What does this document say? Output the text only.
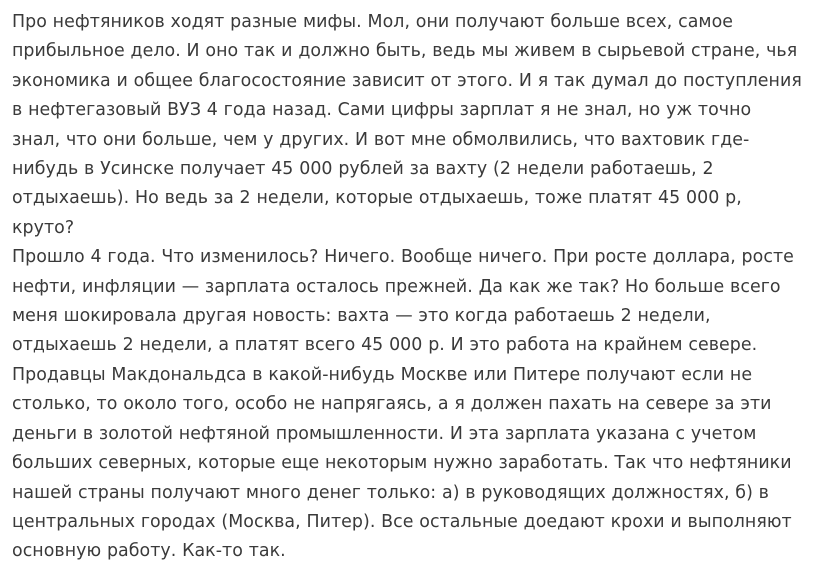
Про нефтяников ходят разные мифы. Мол, они получают больше всех, самое прибыльное дело. И оно так и должно быть, ведь мы живем в сырьевой стране, чья экономика и общее благосостояние зависит от этого. И я так думал до поступления в нефтегазовый ВУЗ 4 года назад. Сами цифры зарплат я не знал, но уж точно знал, что они больше, чем у других. И вот мне обмолвились, что вахтовик где-нибудь в Усинске получает 45 000 рублей за вахту (2 недели работаешь, 2 отдыхаешь). Но ведь за 2 недели, которые отдыхаешь, тоже платят 45 000 р, круто?

Прошло 4 года. Что изменилось? Ничего. Вообще ничего. При росте доллара, росте нефти, инфляции — зарплата осталось прежней. Да как же так? Но больше всего меня шокировала другая новость: вахта — это когда работаешь 2 недели, отдыхаешь 2 недели, а платят всего 45 000 р. И это работа на крайнем севере. Продавцы Макдональдса в какой-нибудь Москве или Питере получают если не столько, то около того, особо не напрягаясь, а я должен пахать на севере за эти деньги в золотой нефтяной промышленности. И эта зарплата указана с учетом больших северных, которые еще некоторым нужно заработать. Так что нефтяники нашей страны получают много денег только: а) в руководящих должностях, б) в центральных городах (Москва, Питер). Все остальные доедают крохи и выполняют основную работу. Как-то так.
